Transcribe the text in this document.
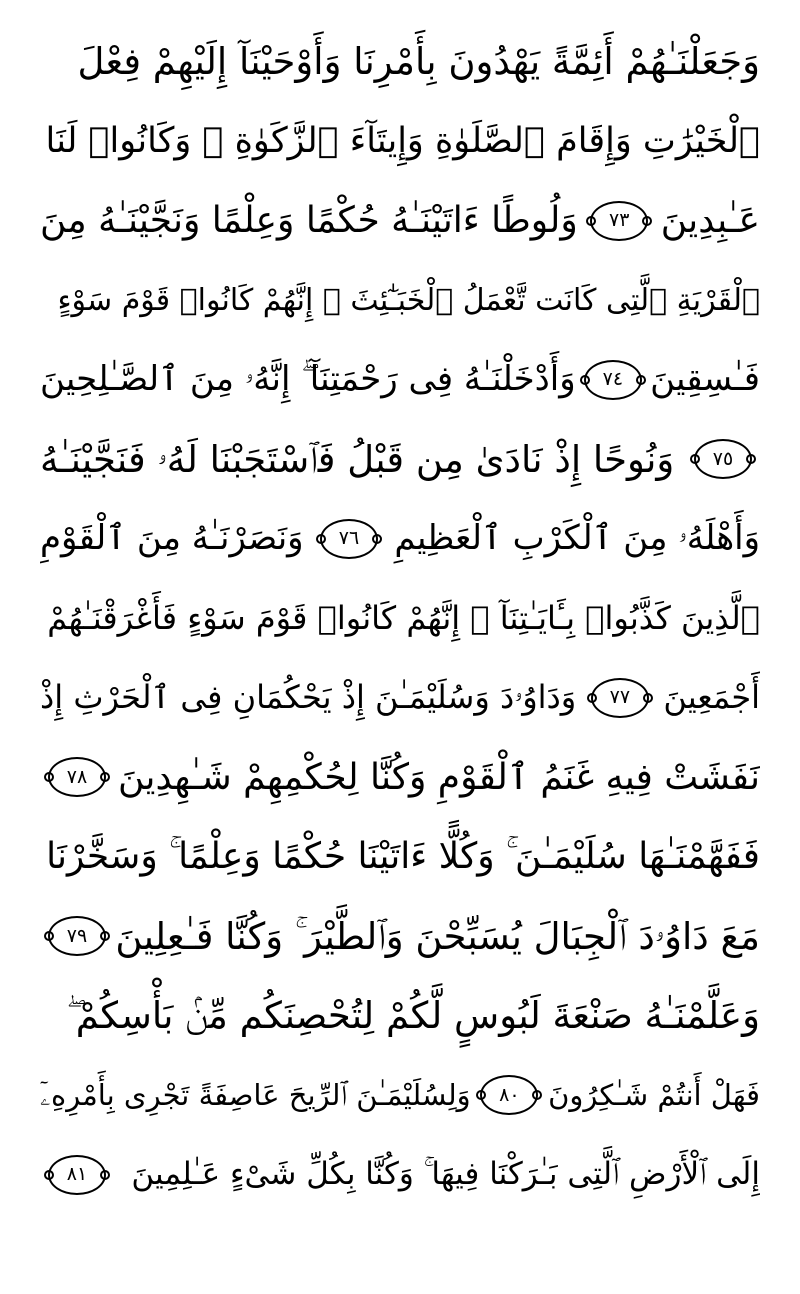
وَجَعَلْنَـٰهُمْ أَئِمَّةً يَهْدُونَ بِأَمْرِنَا وَأَوْحَيْنَآ إِلَيْهِمْ فِعْلَ
ٱلْخَيْرَٰتِ وَإِقَامَ ٱلصَّلَوٰةِ وَإِيتَآءَ ٱلزَّكَوٰةِ ۖ وَكَانُوا۟ لَنَا
عَـٰبِدِينَ
٧٣
وَلُوطًا ءَاتَيْنَـٰهُ حُكْمًا وَعِلْمًا وَنَجَّيْنَـٰهُ مِنَ
ٱلْقَرْيَةِ ٱلَّتِى كَانَت تَّعْمَلُ ٱلْخَبَـٰٓئِثَ ۗ إِنَّهُمْ كَانُوا۟ قَوْمَ سَوْءٍ
فَـٰسِقِينَ
٧٤
وَأَدْخَلْنَـٰهُ فِى رَحْمَتِنَآ ۖ إِنَّهُۥ مِنَ ٱلصَّـٰلِحِينَ
٧٥
وَنُوحًا إِذْ نَادَىٰ مِن قَبْلُ فَٱسْتَجَبْنَا لَهُۥ فَنَجَّيْنَـٰهُ
وَأَهْلَهُۥ مِنَ ٱلْكَرْبِ ٱلْعَظِيمِ
٧٦
وَنَصَرْنَـٰهُ مِنَ ٱلْقَوْمِ
ٱلَّذِينَ كَذَّبُوا۟ بِـَٔايَـٰتِنَآ ۚ إِنَّهُمْ كَانُوا۟ قَوْمَ سَوْءٍ فَأَغْرَقْنَـٰهُمْ
أَجْمَعِينَ
٧٧
وَدَاوُۥدَ وَسُلَيْمَـٰنَ إِذْ يَحْكُمَانِ فِى ٱلْحَرْثِ إِذْ
نَفَشَتْ فِيهِ غَنَمُ ٱلْقَوْمِ وَكُنَّا لِحُكْمِهِمْ شَـٰهِدِينَ
٧٨
فَفَهَّمْنَـٰهَا سُلَيْمَـٰنَ ۚ وَكُلًّا ءَاتَيْنَا حُكْمًا وَعِلْمًا ۚ وَسَخَّرْنَا
مَعَ دَاوُۥدَ ٱلْجِبَالَ يُسَبِّحْنَ وَٱلطَّيْرَ ۚ وَكُنَّا فَـٰعِلِينَ
٧٩
وَعَلَّمْنَـٰهُ صَنْعَةَ لَبُوسٍ لَّكُمْ لِتُحْصِنَكُم مِّنۢ بَأْسِكُمْ ۖ
فَهَلْ أَنتُمْ شَـٰكِرُونَ
٨٠
وَلِسُلَيْمَـٰنَ ٱلرِّيحَ عَاصِفَةً تَجْرِى بِأَمْرِهِۦٓ
إِلَى ٱلْأَرْضِ ٱلَّتِى بَـٰرَكْنَا فِيهَا ۚ وَكُنَّا بِكُلِّ شَىْءٍ عَـٰلِمِينَ
٨١
